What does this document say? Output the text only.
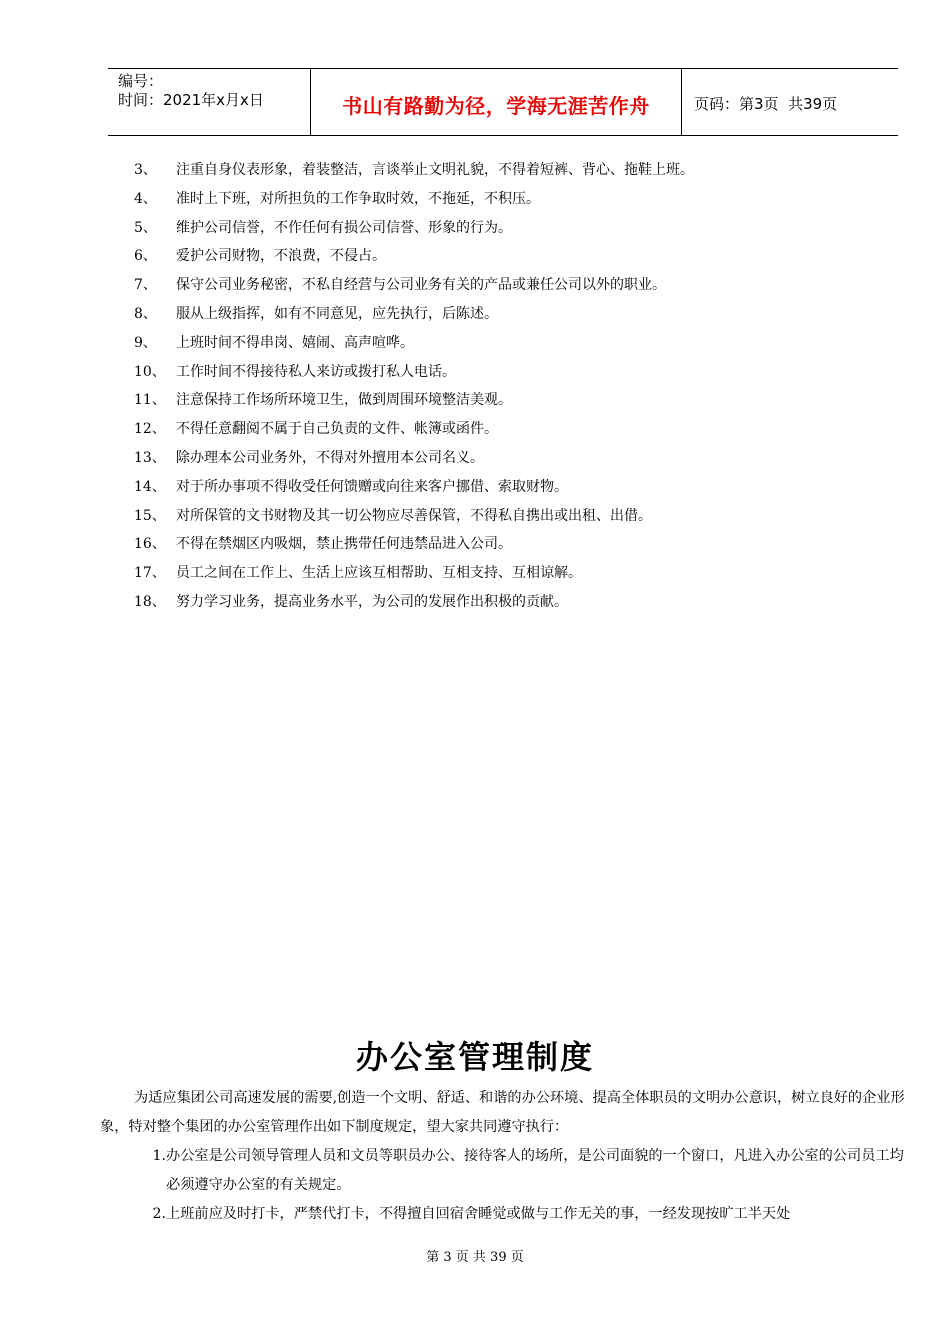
编号：
时间：2021年x月x日	书山有路勤为径，学海无涯苦作舟	页码：第3页  共39页
3、	注重自身仪表形象，着装整洁，言谈举止文明礼貌，不得着短裤、背心、拖鞋上班。
4、	准时上下班，对所担负的工作争取时效，不拖延，不积压。
5、	维护公司信誉，不作任何有损公司信誉、形象的行为。
6、	爱护公司财物，不浪费，不侵占。
7、	保守公司业务秘密，不私自经营与公司业务有关的产品或兼任公司以外的职业。
8、	服从上级指挥，如有不同意见，应先执行，后陈述。
9、	上班时间不得串岗、嬉闹、高声喧哗。
10、 工作时间不得接待私人来访或拨打私人电话。
11、 注意保持工作场所环境卫生，做到周围环境整洁美观。
12、 不得任意翻阅不属于自己负责的文件、帐簿或函件。
13、 除办理本公司业务外，不得对外擅用本公司名义。
14、 对于所办事项不得收受任何馈赠或向往来客户挪借、索取财物。
15、 对所保管的文书财物及其一切公物应尽善保管，不得私自携出或出租、出借。
16、 不得在禁烟区内吸烟，禁止携带任何违禁品进入公司。
17、 员工之间在工作上、生活上应该互相帮助、互相支持、互相谅解。
18、 努力学习业务，提高业务水平，为公司的发展作出积极的贡献。
办公室管理制度

为适应集团公司高速发展的需要,创造一个文明、舒适、和谐的办公环境、提高全体职员的文明办公意识，树立良好的企业形象，特对整个集团的办公室管理作出如下制度规定，望大家共同遵守执行：

1. 办公室是公司领导管理人员和文员等职员办公、接待客人的场所，是公司面貌的一个窗口，凡进入办公室的公司员工均必须遵守办公室的有关规定。
2. 上班前应及时打卡，严禁代打卡，不得擅自回宿舍睡觉或做与工作无关的事，一经发现按旷工半天处
第 3 页 共 39 页
